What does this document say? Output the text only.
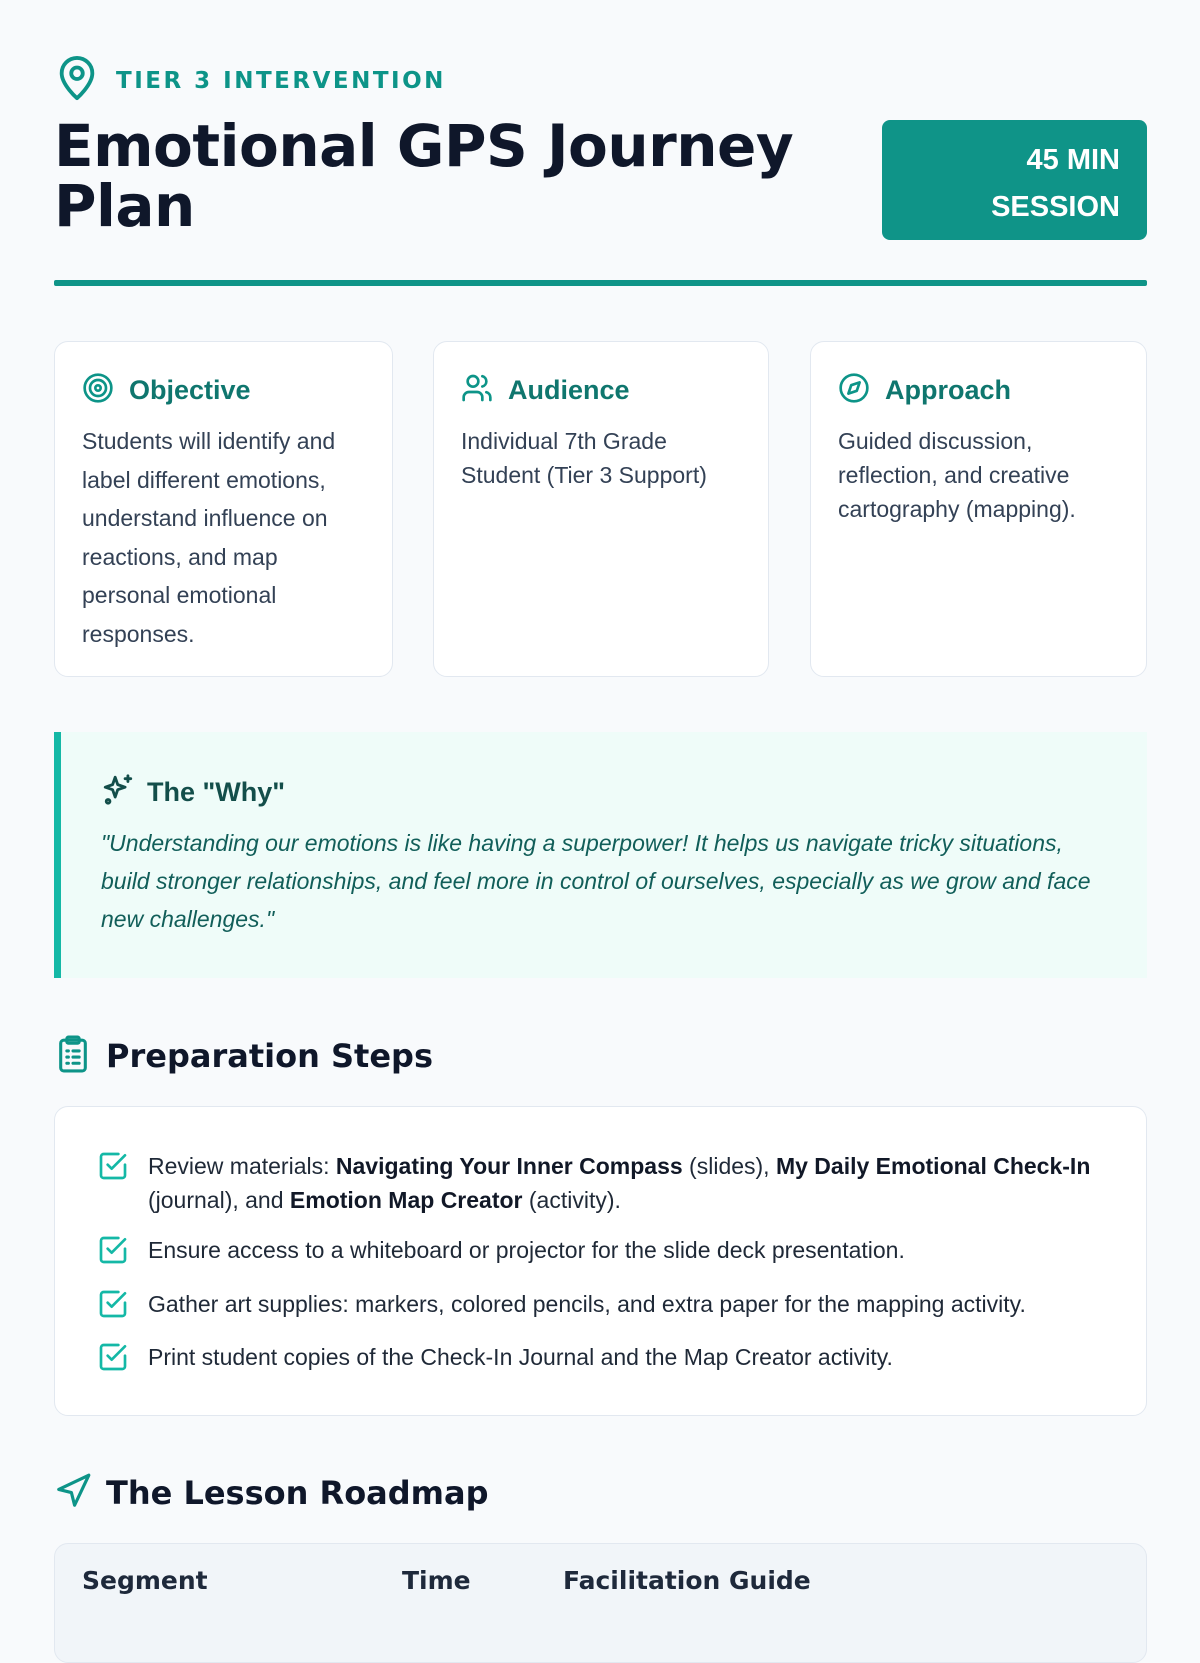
TIER 3 INTERVENTION
Emotional GPS Journey Plan
45 MIN
SESSION
Objective
Students will identify and label different emotions, understand influence on reactions, and map personal emotional responses.
Audience
Individual 7th Grade Student (Tier 3 Support)
Approach
Guided discussion, reflection, and creative cartography (mapping).
The "Why"
"Understanding our emotions is like having a superpower! It helps us navigate tricky situations, build stronger relationships, and feel more in control of ourselves, especially as we grow and face new challenges."
Preparation Steps
Review materials: Navigating Your Inner Compass (slides), My Daily Emotional Check-In (journal), and Emotion Map Creator (activity).
Ensure access to a whiteboard or projector for the slide deck presentation.
Gather art supplies: markers, colored pencils, and extra paper for the mapping activity.
Print student copies of the Check-In Journal and the Map Creator activity.
The Lesson Roadmap
Segment	Time	Facilitation Guide
